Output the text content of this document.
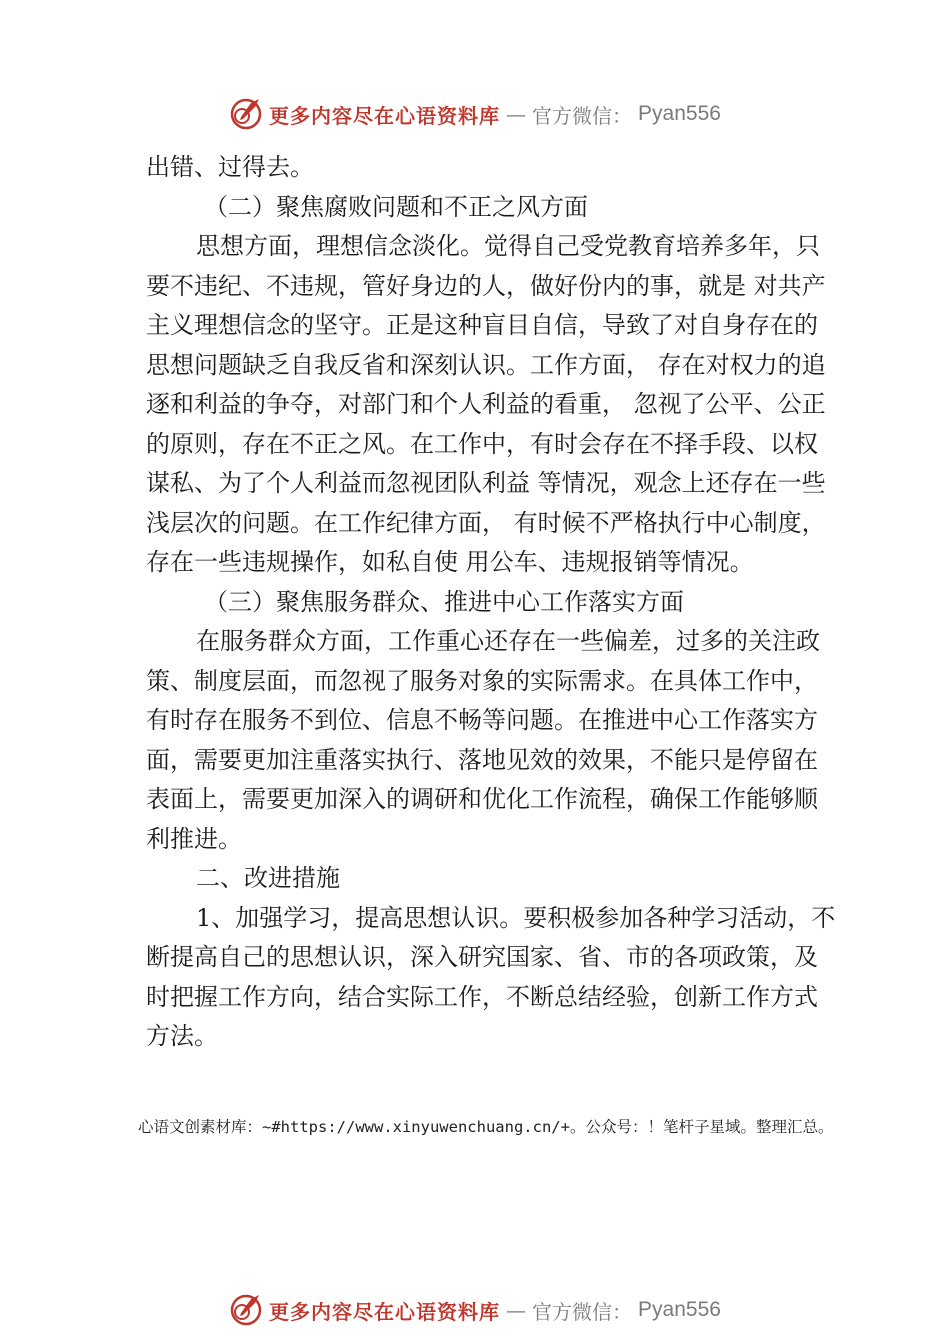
更多内容尽在心语资料库 — 官方微信： Pyan556

出错、过得去。

（二）聚焦腐败问题和不正之风方面

思想方面，理想信念淡化。觉得自己受党教育培养多年，只要不违纪、不违规，管好身边的人，做好份内的事，就是 对共产主义理想信念的坚守。正是这种盲目自信，导致了对自身存在的思想问题缺乏自我反省和深刻认识。工作方面， 存在对权力的追逐和利益的争夺，对部门和个人利益的看重， 忽视了公平、公正的原则，存在不正之风。在工作中，有时会存在不择手段、以权谋私、为了个人利益而忽视团队利益 等情况，观念上还存在一些浅层次的问题。在工作纪律方面， 有时候不严格执行中心制度，存在一些违规操作，如私自使 用公车、违规报销等情况。

（三）聚焦服务群众、推进中心工作落实方面

在服务群众方面，工作重心还存在一些偏差，过多的关注政策、制度层面，而忽视了服务对象的实际需求。在具体工作中，有时存在服务不到位、信息不畅等问题。在推进中心工作落实方面，需要更加注重落实执行、落地见效的效果，不能只是停留在表面上，需要更加深入的调研和优化工作流程，确保工作能够顺利推进。

二、改进措施

1、加强学习，提高思想认识。要积极参加各种学习活动，不断提高自己的思想认识，深入研究国家、省、市的各项政策，及时把握工作方向，结合实际工作，不断总结经验，创新工作方式方法。

心语文创素材库：~#https://www.xinyuwenchuang.cn/+。公众号：！笔杆子星域。整理汇总。
更多内容尽在心语资料库 — 官方微信： Pyan556
